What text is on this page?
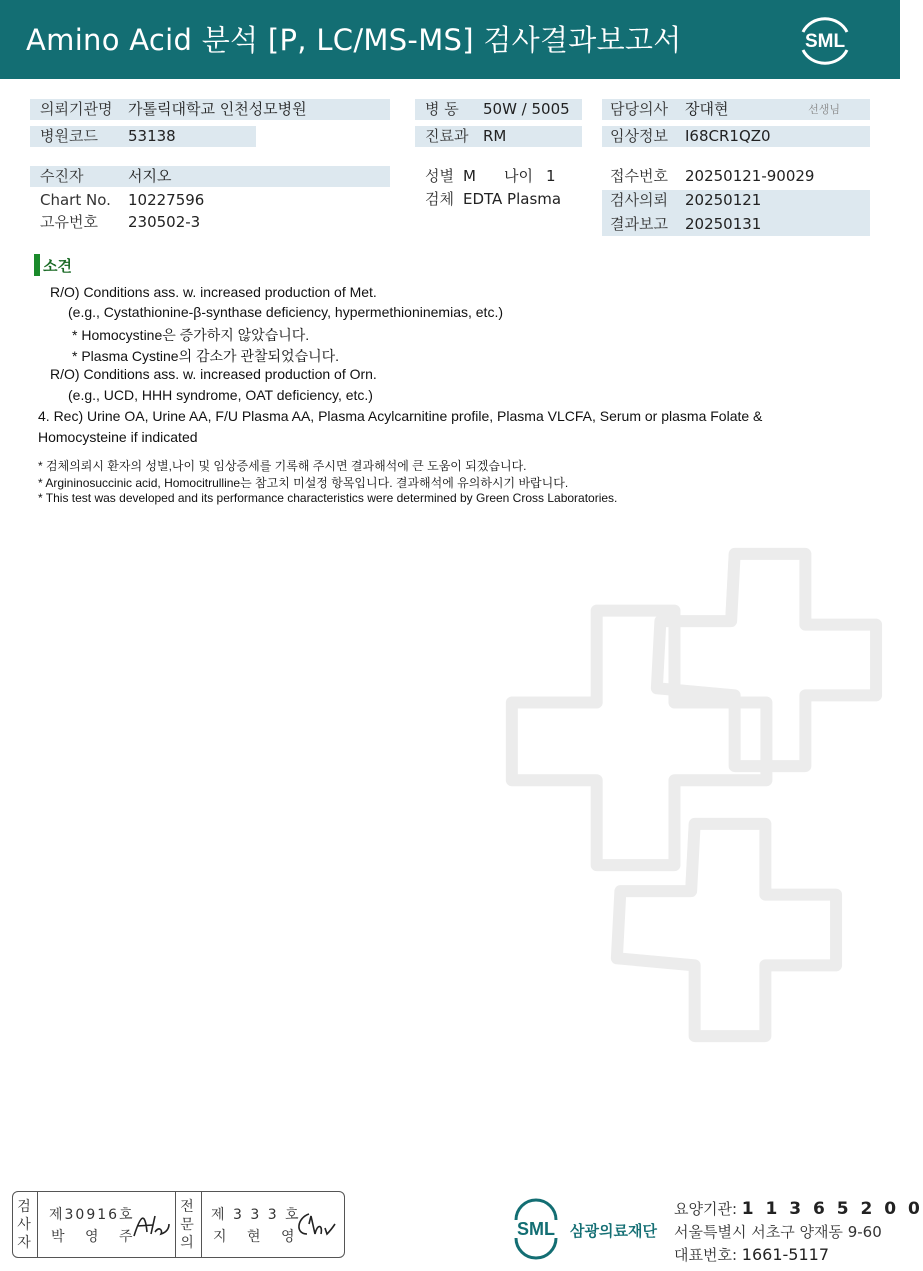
Amino Acid 분석 [P, LC/MS-MS] 검사결과보고서	SML
의뢰기관명 가톨릭대학교 인천성모병원
병원코드 53138
수진자	서지오
Chart No. 10227596
고유번호 230502-3
병 동 50W / 5005
진료과 RM
성별 M 나이 1
검체 EDTA Plasma
담당의사 장대현	선생님
임상정보 I68CR1QZ0
접수번호 20250121-90029
검사의뢰 20250121
결과보고 20250131
소견
R/O) Conditions ass. w. increased production of Met.
(e.g., Cystathionine-β-synthase deficiency, hypermethioninemias, etc.)
* Homocystine은 증가하지 않았습니다.
* Plasma Cystine의 감소가 관찰되었습니다.
R/O) Conditions ass. w. increased production of Orn.
(e.g., UCD, HHH syndrome, OAT deficiency, etc.)
4. Rec) Urine OA, Urine AA, F/U Plasma AA, Plasma Acylcarnitine profile, Plasma VLCFA, Serum or plasma Folate &
Homocysteine if indicated
* 검체의뢰시 환자의 성별,나이 및 임상증세를 기록해 주시면 결과해석에 큰 도움이 되겠습니다.
* Argininosuccinic acid, Homocitrulline는 참고치 미설정 항목입니다. 결과해석에 유의하시기 바랍니다.
* This test was developed and its performance characteristics were determined by Green Cross Laboratories.
검사자
제30916호
박 영 주
전문의
제 3 3 3 호
지 현 영	SML 삼광의료재단
요양기관: 1 1 3 6 5 2 0 0
서울특별시 서초구 양재동 9-60
대표번호: 1661-5117
